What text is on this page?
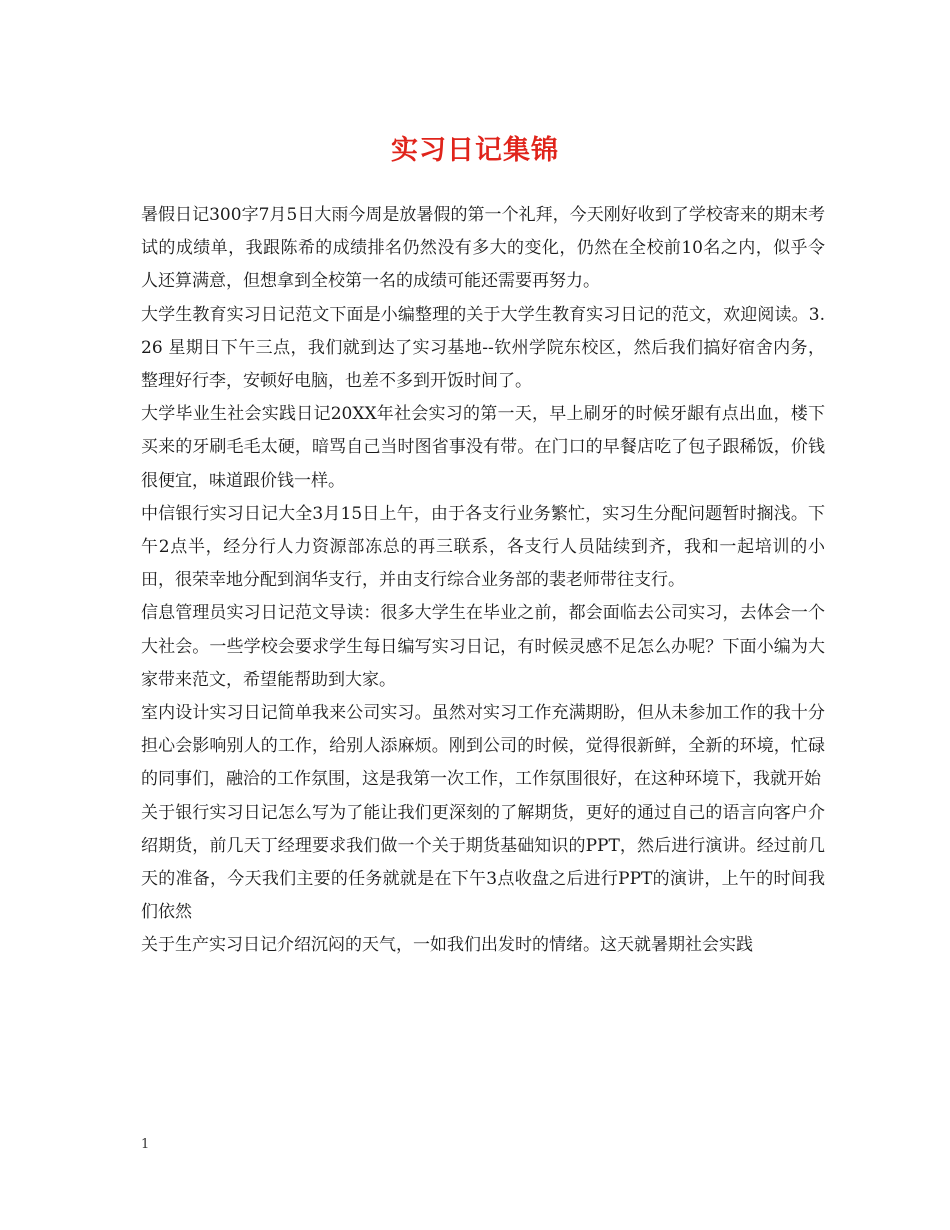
实习日记集锦

暑假日记300字7月5日大雨今周是放暑假的第一个礼拜，今天刚好收到了学校寄来的期末考试的成绩单，我跟陈希的成绩排名仍然没有多大的变化，仍然在全校前10名之内，似乎令人还算满意，但想拿到全校第一名的成绩可能还需要再努力。

大学生教育实习日记范文下面是小编整理的关于大学生教育实习日记的范文，欢迎阅读。3.26 星期日下午三点，我们就到达了实习基地--钦州学院东校区，然后我们搞好宿舍内务，整理好行李，安顿好电脑，也差不多到开饭时间了。

大学毕业生社会实践日记20XX年社会实习的第一天，早上刷牙的时候牙龈有点出血，楼下买来的牙刷毛毛太硬，暗骂自己当时图省事没有带。在门口的早餐店吃了包子跟稀饭，价钱很便宜，味道跟价钱一样。

中信银行实习日记大全3月15日上午，由于各支行业务繁忙，实习生分配问题暂时搁浅。下午2点半，经分行人力资源部冻总的再三联系，各支行人员陆续到齐，我和一起培训的小田，很荣幸地分配到润华支行，并由支行综合业务部的裴老师带往支行。

信息管理员实习日记范文导读：很多大学生在毕业之前，都会面临去公司实习，去体会一个大社会。一些学校会要求学生每日编写实习日记，有时候灵感不足怎么办呢？下面小编为大家带来范文，希望能帮助到大家。

室内设计实习日记简单我来公司实习。虽然对实习工作充满期盼，但从未参加工作的我十分担心会影响别人的工作，给别人添麻烦。刚到公司的时候，觉得很新鲜，全新的环境，忙碌的同事们，融洽的工作氛围，这是我第一次工作，工作氛围很好，在这种环境下，我就开始

关于银行实习日记怎么写为了能让我们更深刻的了解期货，更好的通过自己的语言向客户介绍期货，前几天丁经理要求我们做一个关于期货基础知识的PPT，然后进行演讲。经过前几天的准备，今天我们主要的任务就就是在下午3点收盘之后进行PPT的演讲，上午的时间我们依然

关于生产实习日记介绍沉闷的天气，一如我们出发时的情绪。这天就暑期社会实践

1
